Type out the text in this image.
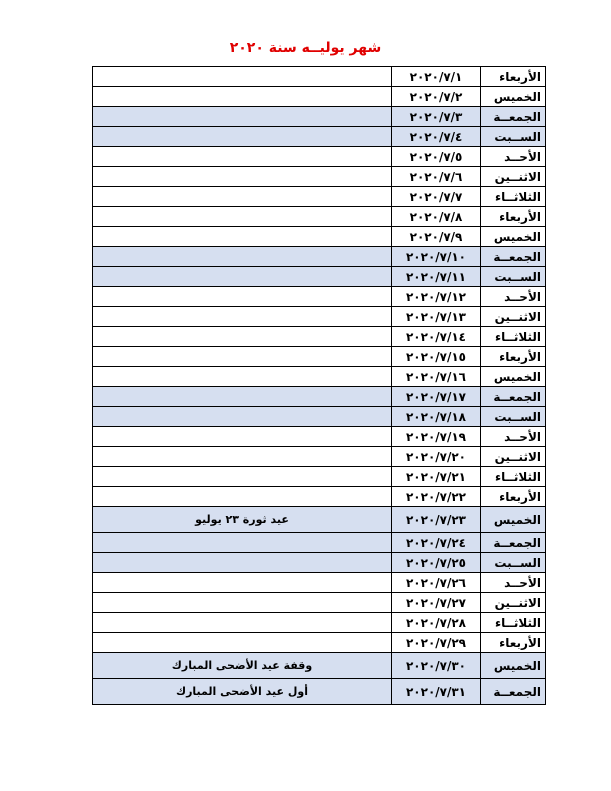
شهر يوليــه سنة ٢٠٢٠
الأربعاء	٢٠٢٠/٧/١	
الخميس	٢٠٢٠/٧/٢	
الجمعــة	٢٠٢٠/٧/٣	
الســبت	٢٠٢٠/٧/٤	
الأحــد	٢٠٢٠/٧/٥	
الاثنــين	٢٠٢٠/٧/٦	
الثلاثــاء	٢٠٢٠/٧/٧	
الأربعاء	٢٠٢٠/٧/٨	
الخميس	٢٠٢٠/٧/٩	
الجمعــة	٢٠٢٠/٧/١٠	
الســبت	٢٠٢٠/٧/١١	
الأحــد	٢٠٢٠/٧/١٢	
الاثنــين	٢٠٢٠/٧/١٣	
الثلاثــاء	٢٠٢٠/٧/١٤	
الأربعاء	٢٠٢٠/٧/١٥	
الخميس	٢٠٢٠/٧/١٦	
الجمعــة	٢٠٢٠/٧/١٧	
الســبت	٢٠٢٠/٧/١٨	
الأحــد	٢٠٢٠/٧/١٩	
الاثنــين	٢٠٢٠/٧/٢٠	
الثلاثــاء	٢٠٢٠/٧/٢١	
الأربعاء	٢٠٢٠/٧/٢٢	
الخميس	٢٠٢٠/٧/٢٣	عيد ثورة ٢٣ يوليو
الجمعــة	٢٠٢٠/٧/٢٤	
الســبت	٢٠٢٠/٧/٢٥	
الأحــد	٢٠٢٠/٧/٢٦	
الاثنــين	٢٠٢٠/٧/٢٧	
الثلاثــاء	٢٠٢٠/٧/٢٨	
الأربعاء	٢٠٢٠/٧/٢٩	
الخميس	٢٠٢٠/٧/٣٠	وقفة عيد الأضحى المبارك
الجمعــة	٢٠٢٠/٧/٣١	أول عيد الأضحى المبارك
